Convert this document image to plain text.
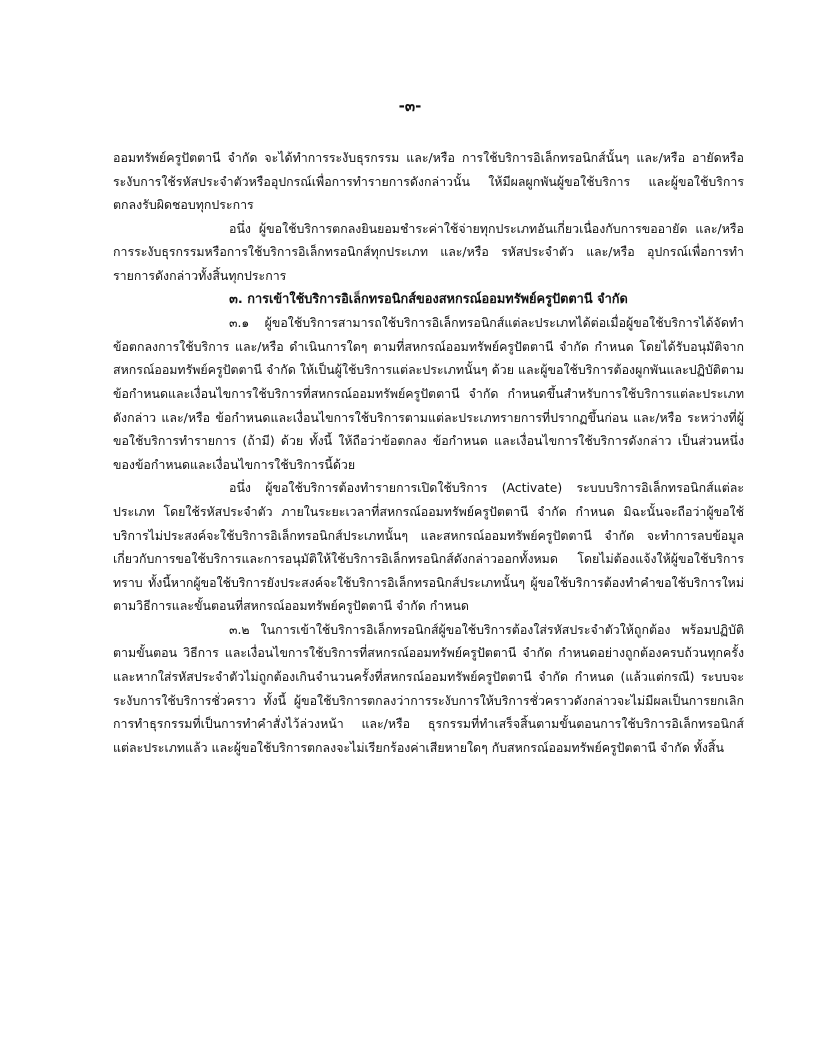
-๓-

ออมทรัพย์ครูปัตตานี จำกัด จะได้ทำการระงับธุรกรรม และ/หรือ การใช้บริการอิเล็กทรอนิกส์นั้นๆ และ/หรือ อายัดหรือระงับการใช้รหัสประจำตัวหรืออุปกรณ์เพื่อการทำรายการดังกล่าวนั้น ให้มีผลผูกพันผู้ขอใช้บริการ และผู้ขอใช้บริการตกลงรับผิดชอบทุกประการ

อนึ่ง ผู้ขอใช้บริการตกลงยินยอมชำระค่าใช้จ่ายทุกประเภทอันเกี่ยวเนื่องกับการขออายัด และ/หรือ การระงับธุรกรรมหรือการใช้บริการอิเล็กทรอนิกส์ทุกประเภท และ/หรือ รหัสประจำตัว และ/หรือ อุปกรณ์เพื่อการทำรายการดังกล่าวทั้งสิ้นทุกประการ

๓. การเข้าใช้บริการอิเล็กทรอนิกส์ของสหกรณ์ออมทรัพย์ครูปัตตานี จำกัด

๓.๑ ผู้ขอใช้บริการสามารถใช้บริการอิเล็กทรอนิกส์แต่ละประเภทได้ต่อเมื่อผู้ขอใช้บริการได้จัดทำข้อตกลงการใช้บริการ และ/หรือ ดำเนินการใดๆ ตามที่สหกรณ์ออมทรัพย์ครูปัตตานี จำกัด กำหนด โดยได้รับอนุมัติจากสหกรณ์ออมทรัพย์ครูปัตตานี จำกัด ให้เป็นผู้ใช้บริการแต่ละประเภทนั้นๆ ด้วย และผู้ขอใช้บริการต้องผูกพันและปฏิบัติตามข้อกำหนดและเงื่อนไขการใช้บริการที่สหกรณ์ออมทรัพย์ครูปัตตานี จำกัด กำหนดขึ้นสำหรับการใช้บริการแต่ละประเภทดังกล่าว และ/หรือ ข้อกำหนดและเงื่อนไขการใช้บริการตามแต่ละประเภทรายการที่ปรากฏขึ้นก่อน และ/หรือ ระหว่างที่ผู้ขอใช้บริการทำรายการ (ถ้ามี) ด้วย ทั้งนี้ ให้ถือว่าข้อตกลง ข้อกำหนด และเงื่อนไขการใช้บริการดังกล่าว เป็นส่วนหนึ่งของข้อกำหนดและเงื่อนไขการใช้บริการนี้ด้วย

อนึ่ง ผู้ขอใช้บริการต้องทำรายการเปิดใช้บริการ (Activate) ระบบบริการอิเล็กทรอนิกส์แต่ละประเภท โดยใช้รหัสประจำตัว ภายในระยะเวลาที่สหกรณ์ออมทรัพย์ครูปัตตานี จำกัด กำหนด มิฉะนั้นจะถือว่าผู้ขอใช้บริการไม่ประสงค์จะใช้บริการอิเล็กทรอนิกส์ประเภทนั้นๆ และสหกรณ์ออมทรัพย์ครูปัตตานี จำกัด จะทำการลบข้อมูลเกี่ยวกับการขอใช้บริการและการอนุมัติให้ใช้บริการอิเล็กทรอนิกส์ดังกล่าวออกทั้งหมด โดยไม่ต้องแจ้งให้ผู้ขอใช้บริการทราบ ทั้งนี้หากผู้ขอใช้บริการยังประสงค์จะใช้บริการอิเล็กทรอนิกส์ประเภทนั้นๆ ผู้ขอใช้บริการต้องทำคำขอใช้บริการใหม่ ตามวิธีการและขั้นตอนที่สหกรณ์ออมทรัพย์ครูปัตตานี จำกัด กำหนด

๓.๒ ในการเข้าใช้บริการอิเล็กทรอนิกส์ผู้ขอใช้บริการต้องใส่รหัสประจำตัวให้ถูกต้อง พร้อมปฏิบัติตามขั้นตอน วิธีการ และเงื่อนไขการใช้บริการที่สหกรณ์ออมทรัพย์ครูปัตตานี จำกัด กำหนดอย่างถูกต้องครบถ้วนทุกครั้ง และหากใส่รหัสประจำตัวไม่ถูกต้องเกินจำนวนครั้งที่สหกรณ์ออมทรัพย์ครูปัตตานี จำกัด กำหนด (แล้วแต่กรณี) ระบบจะระงับการใช้บริการชั่วคราว ทั้งนี้ ผู้ขอใช้บริการตกลงว่าการระงับการให้บริการชั่วคราวดังกล่าวจะไม่มีผลเป็นการยกเลิกการทำธุรกรรมที่เป็นการทำคำสั่งไว้ล่วงหน้า และ/หรือ ธุรกรรมที่ทำเสร็จสิ้นตามขั้นตอนการใช้บริการอิเล็กทรอนิกส์แต่ละประเภทแล้ว และผู้ขอใช้บริการตกลงจะไม่เรียกร้องค่าเสียหายใดๆ กับสหกรณ์ออมทรัพย์ครูปัตตานี จำกัด ทั้งสิ้น
